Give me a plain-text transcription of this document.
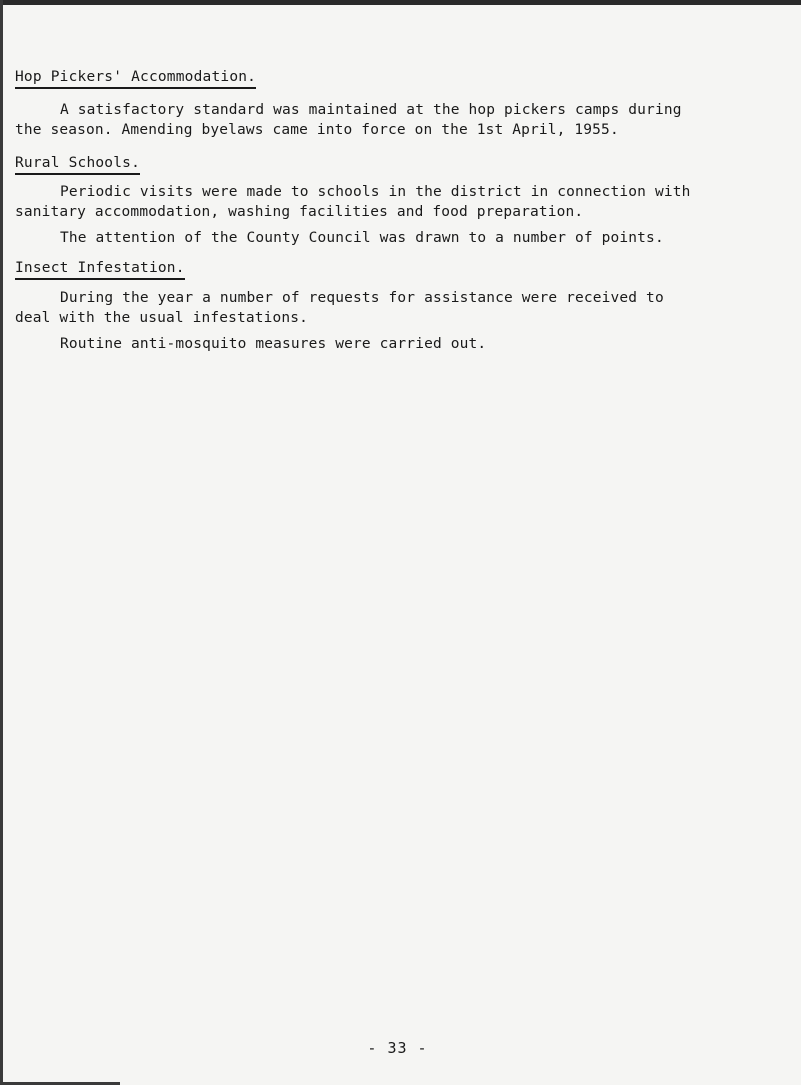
Hop Pickers' Accommodation.

A satisfactory standard was maintained at the hop pickers camps during
the season. Amending byelaws came into force on the 1st April, 1955.

Rural Schools.

Periodic visits were made to schools in the district in connection with
sanitary accommodation, washing facilities and food preparation.

The attention of the County Council was drawn to a number of points.

Insect Infestation.

During the year a number of requests for assistance were received to
deal with the usual infestations.

Routine anti-mosquito measures were carried out.

- 33 -
